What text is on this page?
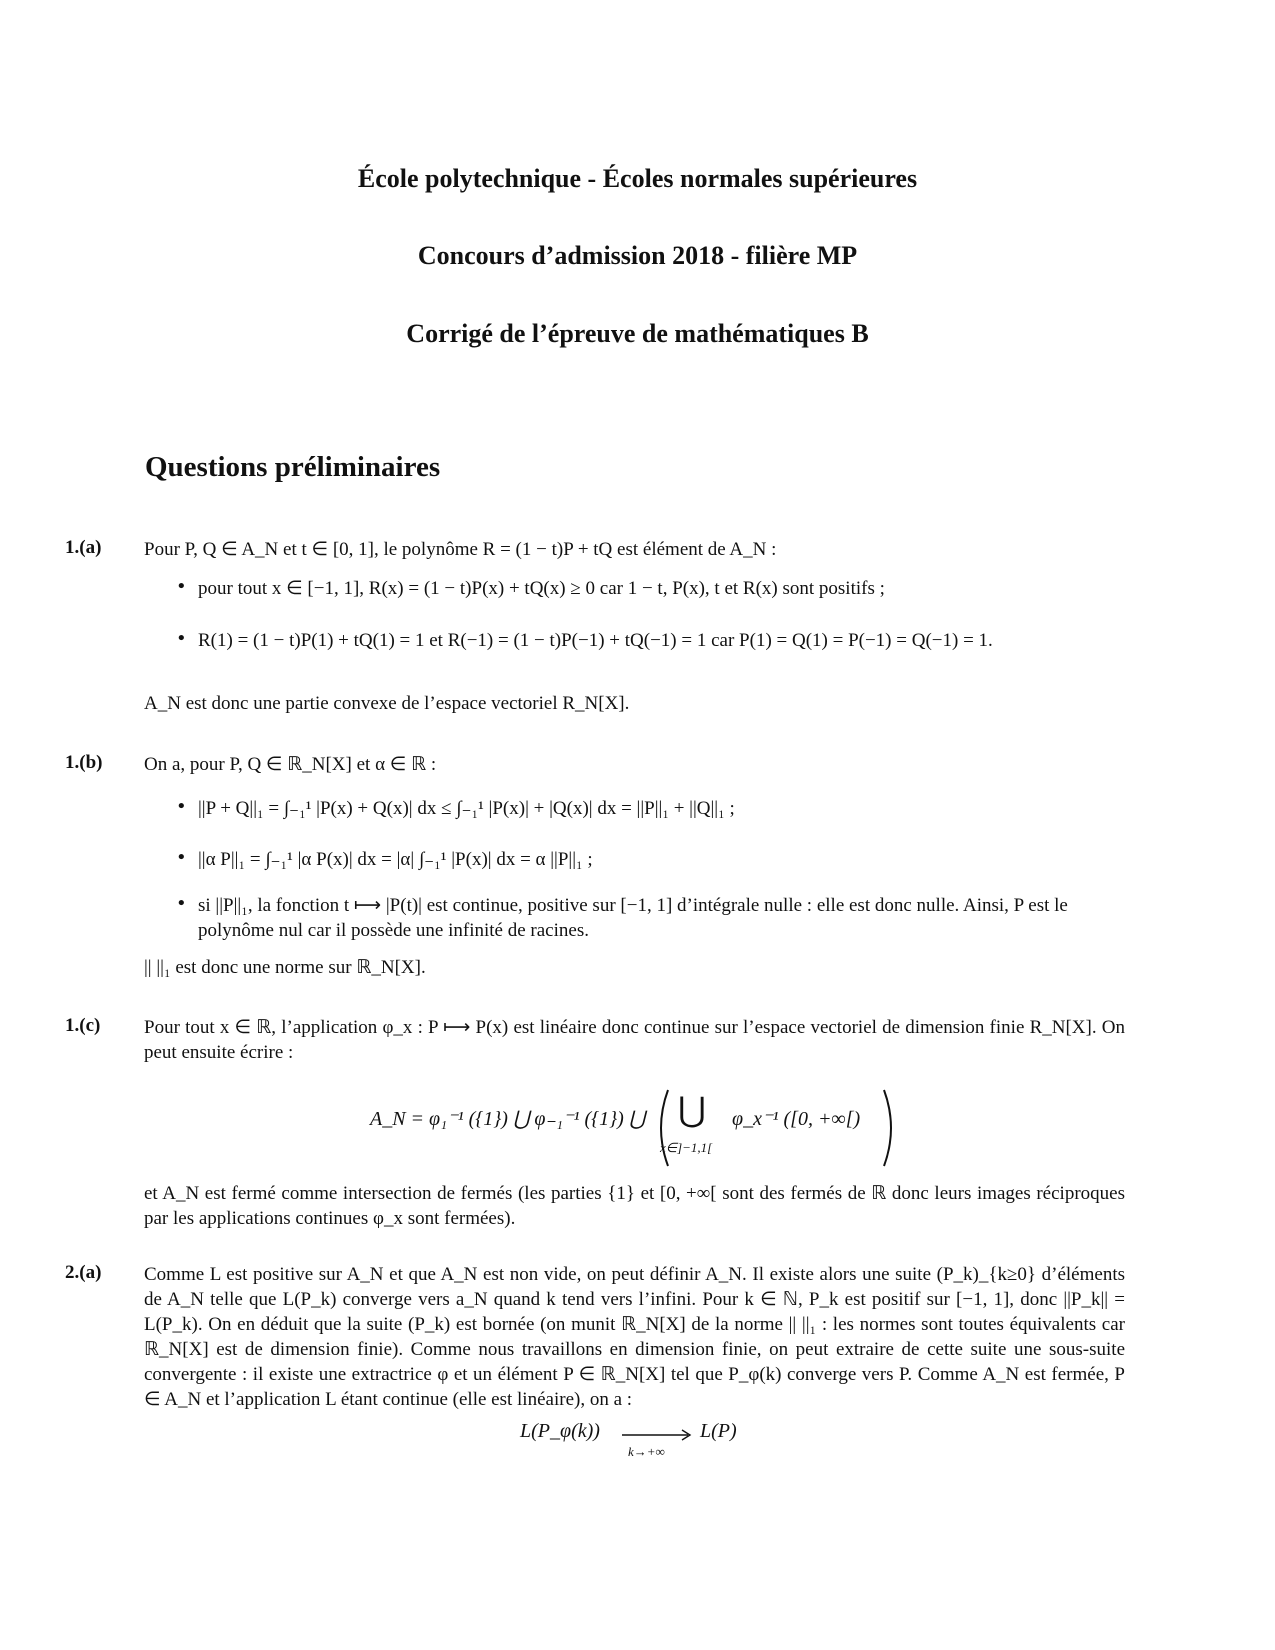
École polytechnique - Écoles normales supérieures
Concours d’admission 2018 - filière MP
Corrigé de l’épreuve de mathématiques B
Questions préliminaires
1.(a) Pour P, Q ∈ A_N et t ∈ [0, 1], le polynôme R = (1 − t)P + tQ est élément de A_N :

• pour tout x ∈ [−1, 1], R(x) = (1 − t)P(x) + tQ(x) ≥ 0 car 1 − t, P(x), t et R(x) sont positifs ;

• R(1) = (1 − t)P(1) + tQ(1) = 1 et R(−1) = (1 − t)P(−1) + tQ(−1) = 1 car P(1) = Q(1) = P(−1) = Q(−1) = 1.

A_N est donc une partie convexe de l’espace vectoriel R_N[X].

1.(b) On a, pour P, Q ∈ ℝ_N[X] et α ∈ ℝ :

• ||P + Q||₁ = ∫₋₁¹ |P(x) + Q(x)| dx ≤ ∫₋₁¹ |P(x)| + |Q(x)| dx = ||P||₁ + ||Q||₁ ;

• ||α P||₁ = ∫₋₁¹ |α P(x)| dx = |α| ∫₋₁¹ |P(x)| dx = α ||P||₁ ;

• si ||P||₁, la fonction t ⟼ |P(t)| est continue, positive sur [−1, 1] d’intégrale nulle : elle est donc nulle. Ainsi, P est le polynôme nul car il possède une infinité de racines.

|| ||₁ est donc une norme sur ℝ_N[X].

1.(c) Pour tout x ∈ ℝ, l’application φ_x : P ⟼ P(x) est linéaire donc continue sur l’espace vectoriel de dimension finie R_N[X]. On peut ensuite écrire :

A_N = φ₁⁻¹ ({1}) ⋃ φ₋₁⁻¹ ({1}) ⋃ ⋃
x∈]−1,1[
φ_x⁻¹ ([0, +∞[)

et A_N est fermé comme intersection de fermés (les parties {1} et [0, +∞[ sont des fermés de ℝ donc leurs images réciproques par les applications continues φ_x sont fermées).

2.(a) Comme L est positive sur A_N et que A_N est non vide, on peut définir A_N. Il existe alors une suite (P_k)_{k≥0} d’éléments de A_N telle que L(P_k) converge vers a_N quand k tend vers l’infini. Pour k ∈ ℕ, P_k est positif sur [−1, 1], donc ||P_k|| = L(P_k). On en déduit que la suite (P_k) est bornée (on munit ℝ_N[X] de la norme || ||₁ : les normes sont toutes équivalents car ℝ_N[X] est de dimension finie). Comme nous travaillons en dimension finie, on peut extraire de cette suite une sous-suite convergente : il existe une extractrice φ et un élément P ∈ ℝ_N[X] tel que P_φ(k) converge vers P. Comme A_N est fermée, P ∈ A_N et l’application L étant continue (elle est linéaire), on a :

L(P_φ(k))
k→+∞
L(P)
